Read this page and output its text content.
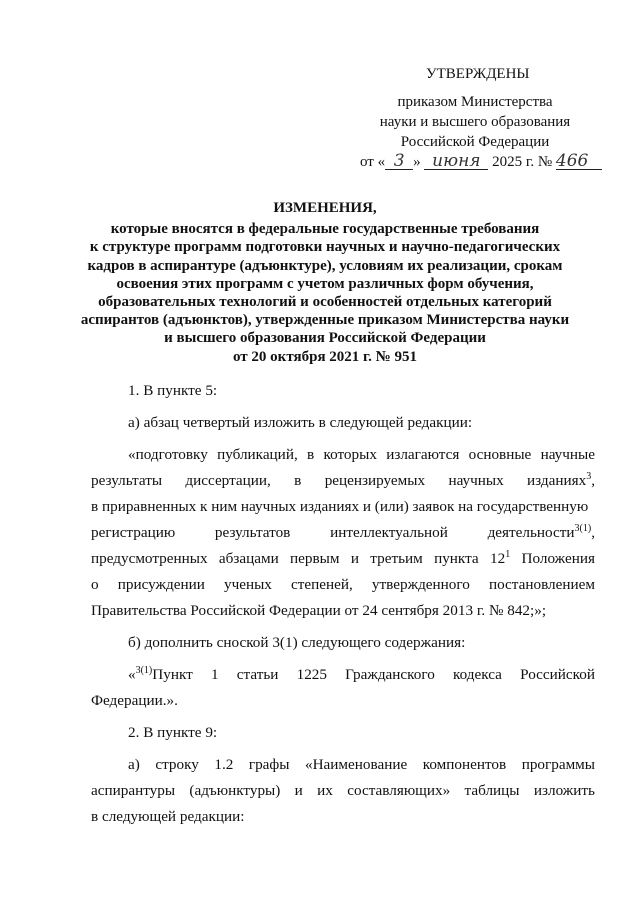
УТВЕРЖДЕНЫ
приказом Министерства
науки и высшего образования
Российской Федерации
от « 3 » июня 2025 г. № 466
ИЗМЕНЕНИЯ,
которые вносятся в федеральные государственные требования
к структуре программ подготовки научных и научно-педагогических
кадров в аспирантуре (адъюнктуре), условиям их реализации, срокам
освоения этих программ с учетом различных форм обучения,
образовательных технологий и особенностей отдельных категорий
аспирантов (адъюнктов), утвержденные приказом Министерства науки
и высшего образования Российской Федерации
от 20 октября 2021 г. № 951
1. В пункте 5:
а) абзац четвертый изложить в следующей редакции:
«подготовку публикаций, в которых излагаются основные научные
результаты диссертации, в рецензируемых научных изданиях$^3$,
в приравненных к ним научных изданиях и (или) заявок на государственную
регистрацию	результатов	интеллектуальной	деятельности$^{3(1)}$,
предусмотренных абзацами первым и третьим пункта $12^1$ Положения
о присуждении ученых степеней, утвержденного постановлением
Правительства Российской Федерации от 24 сентября 2013 г. № 842;»;
б) дополнить сноской 3(1) следующего содержания:
«$^{3(1)}$Пункт 1 статьи 1225 Гражданского кодекса Российской
Федерации.».
2. В пункте 9:
а) строку 1.2 графы «Наименование компонентов программы
аспирантуры (адъюнктуры) и их составляющих» таблицы изложить
в следующей редакции:
